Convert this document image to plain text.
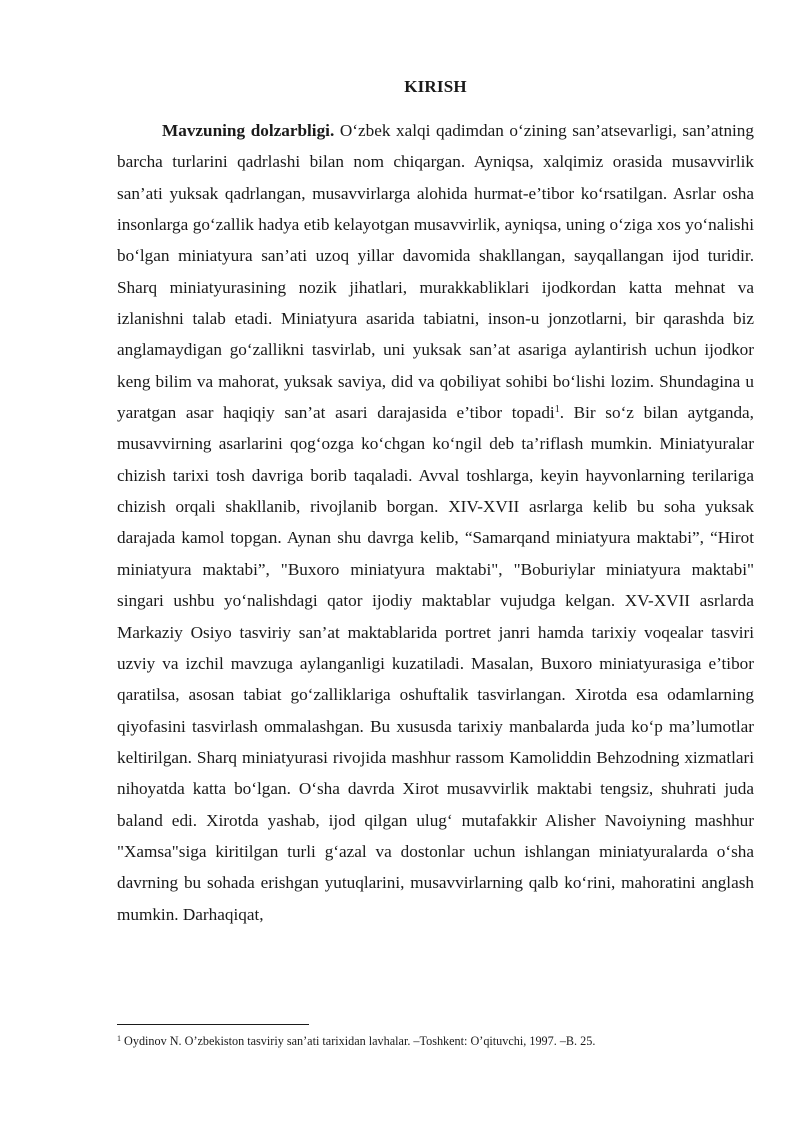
KIRISH

Mavzuning dolzarbligi. O‘zbek xalqi qadimdan o‘zining san’atsevarligi, san’atning barcha turlarini qadrlashi bilan nom chiqargan. Ayniqsa, xalqimiz orasida musavvirlik san’ati yuksak qadrlangan, musavvirlarga alohida hurmat-e’tibor ko‘rsatilgan. Asrlar osha insonlarga go‘zallik hadya etib kelayotgan musavvirlik, ayniqsa, uning o‘ziga xos yo‘nalishi bo‘lgan miniatyura san’ati uzoq yillar davomida shakllangan, sayqallangan ijod turidir. Sharq miniatyurasining nozik jihatlari, murakkabliklari ijodkordan katta mehnat va izlanishni talab etadi. Miniatyura asarida tabiatni, inson-u jonzotlarni, bir qarashda biz anglamaydigan go‘zallikni tasvirlab, uni yuksak san’at asariga aylantirish uchun ijodkor keng bilim va mahorat, yuksak saviya, did va qobiliyat sohibi bo‘lishi lozim. Shundagina u yaratgan asar haqiqiy san’at asari darajasida e’tibor topadi$^1$. Bir so‘z bilan aytganda, musavvirning asarlarini qog‘ozga ko‘chgan ko‘ngil deb ta’riflash mumkin. Miniatyuralar chizish tarixi tosh davriga borib taqaladi. Avval toshlarga, keyin hayvonlarning terilariga chizish orqali shakllanib, rivojlanib borgan. XIV-XVII asrlarga kelib bu soha yuksak darajada kamol topgan. Aynan shu davrga kelib, “Samarqand miniatyura maktabi”, “Hirot miniatyura maktabi”, "Buxoro miniatyura maktabi", "Boburiylar miniatyura maktabi" singari ushbu yo‘nalishdagi qator ijodiy maktablar vujudga kelgan. XV-XVII asrlarda Markaziy Osiyo tasviriy san’at maktablarida portret janri hamda tarixiy voqealar tasviri uzviy va izchil mavzuga aylanganligi kuzatiladi. Masalan, Buxoro miniatyurasiga e’tibor qaratilsa, asosan tabiat go‘zalliklariga oshuftalik tasvirlangan. Xirotda esa odamlarning qiyofasini tasvirlash ommalashgan. Bu xususda tarixiy manbalarda juda ko‘p ma’lumotlar keltirilgan. Sharq miniatyurasi rivojida mashhur rassom Kamoliddin Behzodning xizmatlari nihoyatda katta bo‘lgan. O‘sha davrda Xirot musavvirlik maktabi tengsiz, shuhrati juda baland edi. Xirotda yashab, ijod qilgan ulug‘ mutafakkir Alisher Navoiyning mashhur "Xamsa"siga kiritilgan turli g‘azal va dostonlar uchun ishlangan miniatyuralarda o‘sha davrning bu sohada erishgan yutuqlarini, musavvirlarning qalb ko‘rini, mahoratini anglash mumkin. Darhaqiqat,

$^1$ Oydinov N. O’zbekiston tasviriy san’ati tarixidan lavhalar. –Toshkent: O’qituvchi, 1997. –B. 25.
